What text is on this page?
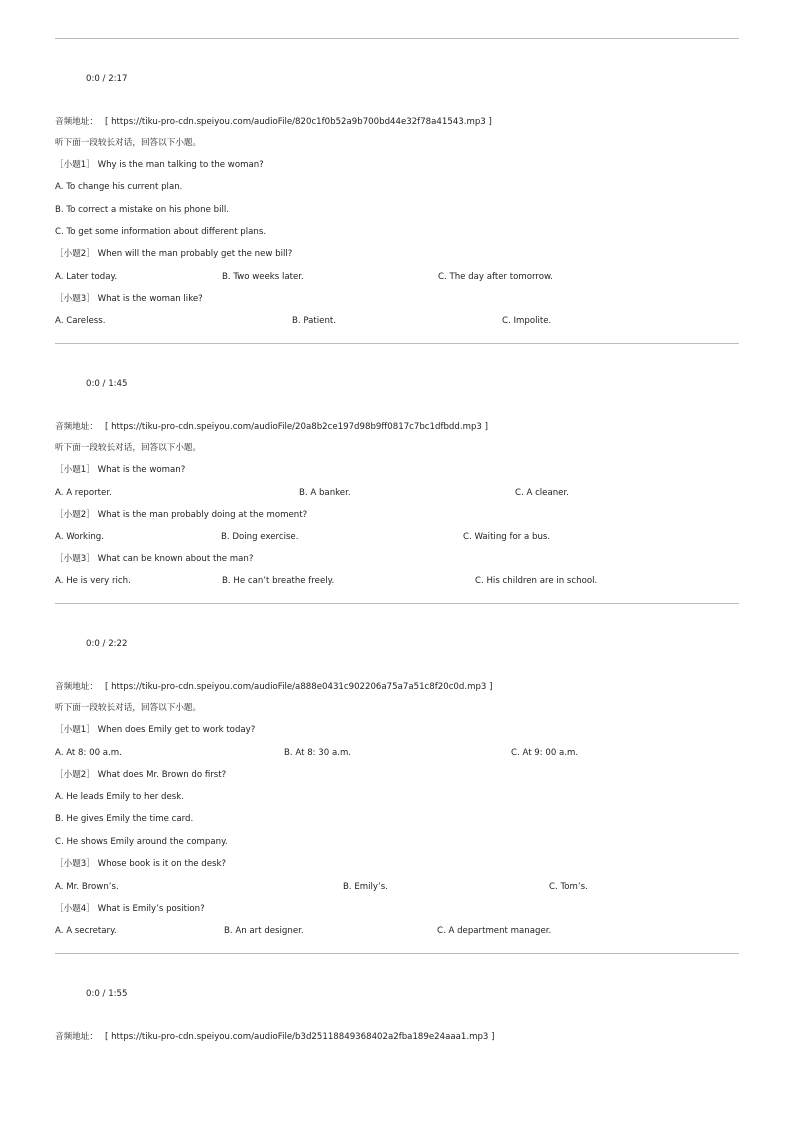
0:0 / 2:17
音频地址： [ https://tiku-pro-cdn.speiyou.com/audioFile/820c1f0b52a9b700bd44e32f78a41543.mp3 ]
听下面一段较长对话，回答以下小题。
［小题1］ Why is the man talking to the woman?
A. To change his current plan.
B. To correct a mistake on his phone bill.
C. To get some information about different plans.
［小题2］ When will the man probably get the new bill?
A. Later today.	B. Two weeks later.	C. The day after tomorrow.
［小题3］ What is the woman like?
A. Careless.	B. Patient.	C. Impolite.
0:0 / 1:45
音频地址： [ https://tiku-pro-cdn.speiyou.com/audioFile/20a8b2ce197d98b9ff0817c7bc1dfbdd.mp3 ]
听下面一段较长对话，回答以下小题。
［小题1］ What is the woman?
A. A reporter.	B. A banker.	C. A cleaner.
［小题2］ What is the man probably doing at the moment?
A. Working.	B. Doing exercise.	C. Waiting for a bus.
［小题3］ What can be known about the man?
A. He is very rich.	B. He can’t breathe freely.	C. His children are in school.
0:0 / 2:22
音频地址： [ https://tiku-pro-cdn.speiyou.com/audioFile/a888e0431c902206a75a7a51c8f20c0d.mp3 ]
听下面一段较长对话，回答以下小题。
［小题1］ When does Emily get to work today?
A. At 8: 00 a.m.	B. At 8: 30 a.m.	C. At 9: 00 a.m.
［小题2］ What does Mr. Brown do first?
A. He leads Emily to her desk.
B. He gives Emily the time card.
C. He shows Emily around the company.
［小题3］ Whose book is it on the desk?
A. Mr. Brown’s.	B. Emily’s.	C. Tom’s.
［小题4］ What is Emily’s position?
A. A secretary.	B. An art designer.	C. A department manager.
0:0 / 1:55
音频地址： [ https://tiku-pro-cdn.speiyou.com/audioFile/b3d25118849368402a2fba189e24aaa1.mp3 ]
